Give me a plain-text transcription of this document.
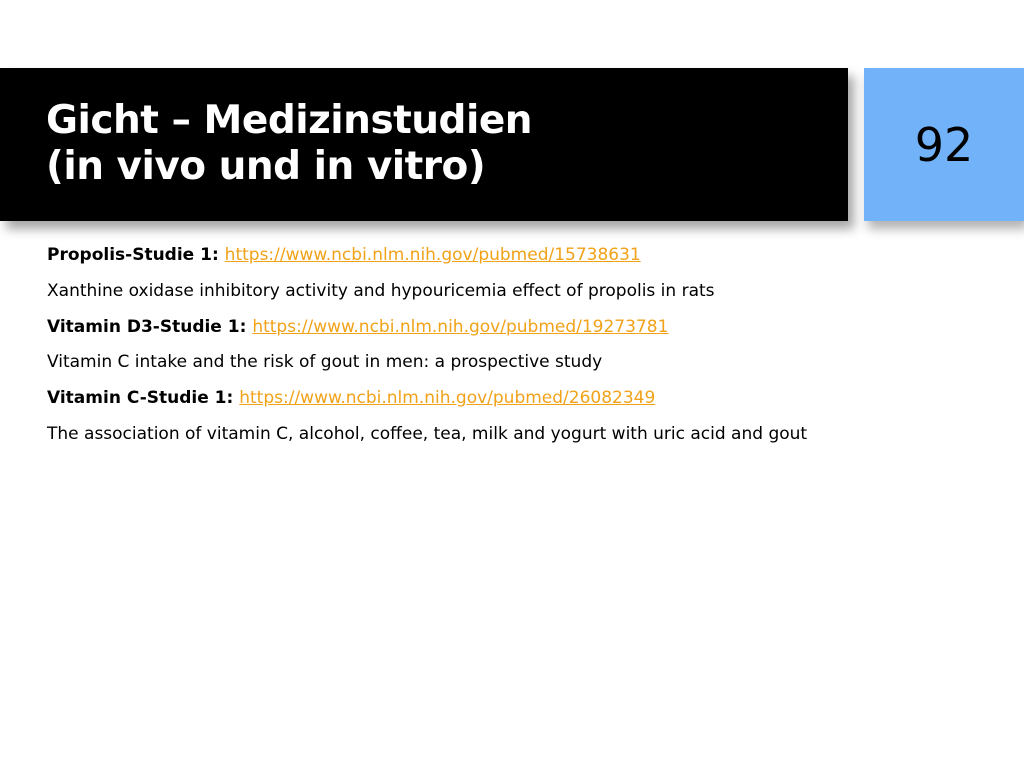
Gicht – Medizinstudien
(in vivo und in vitro)	92
Propolis-Studie 1: https://www.ncbi.nlm.nih.gov/pubmed/15738631
Xanthine oxidase inhibitory activity and hypouricemia effect of propolis in rats
Vitamin D3-Studie 1: https://www.ncbi.nlm.nih.gov/pubmed/19273781
Vitamin C intake and the risk of gout in men: a prospective study
Vitamin C-Studie 1: https://www.ncbi.nlm.nih.gov/pubmed/26082349
The association of vitamin C, alcohol, coffee, tea, milk and yogurt with uric acid and gout
